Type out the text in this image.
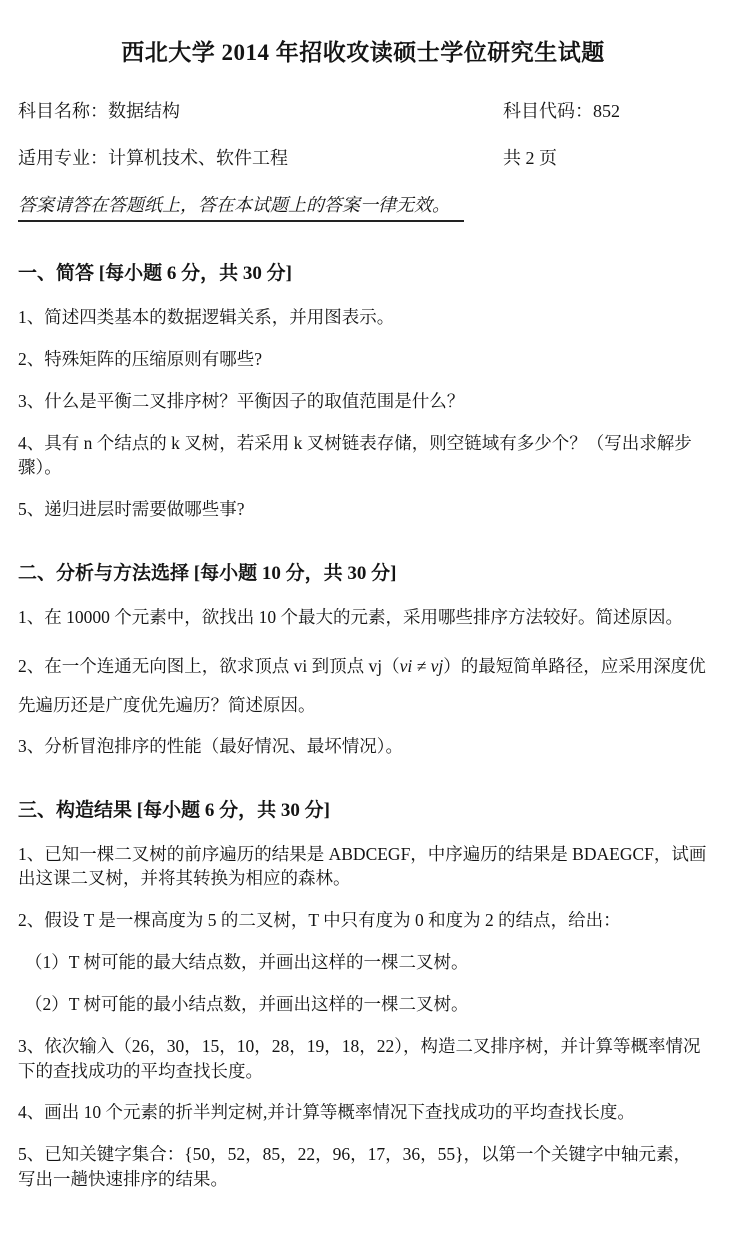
西北大学 2014 年招收攻读硕士学位研究生试题
科目名称：数据结构	科目代码：852
适用专业：计算机技术、软件工程	共 2 页
答案请答在答题纸上，答在本试题上的答案一律无效。
一、简答 [每小题 6 分，共 30 分]

1、简述四类基本的数据逻辑关系，并用图表示。

2、特殊矩阵的压缩原则有哪些?

3、什么是平衡二叉排序树？平衡因子的取值范围是什么？

4、具有 n 个结点的 k 叉树，若采用 k 叉树链表存储，则空链域有多少个？（写出求解步骤）。

5、递归进层时需要做哪些事?

二、分析与方法选择 [每小题 10 分，共 30 分]

1、在 10000 个元素中，欲找出 10 个最大的元素，采用哪些排序方法较好。简述原因。

2、在一个连通无向图上，欲求顶点 vi 到顶点 vj（vi ≠ vj）的最短简单路径，应采用深度优先遍历还是广度优先遍历？简述原因。

3、分析冒泡排序的性能（最好情况、最坏情况）。

三、构造结果 [每小题 6 分，共 30 分]

1、已知一棵二叉树的前序遍历的结果是 ABDCEGF，中序遍历的结果是 BDAEGCF，试画出这课二叉树，并将其转换为相应的森林。

2、假设 T 是一棵高度为 5 的二叉树，T 中只有度为 0 和度为 2 的结点，给出：

（1）T 树可能的最大结点数，并画出这样的一棵二叉树。

（2）T 树可能的最小结点数，并画出这样的一棵二叉树。

3、依次输入（26，30，15，10，28，19，18，22），构造二叉排序树，并计算等概率情况下的查找成功的平均查找长度。

4、画出 10 个元素的折半判定树,并计算等概率情况下查找成功的平均查找长度。

5、已知关键字集合：{50，52，85，22，96，17，36，55}，以第一个关键字中轴元素，写出一趟快速排序的结果。
